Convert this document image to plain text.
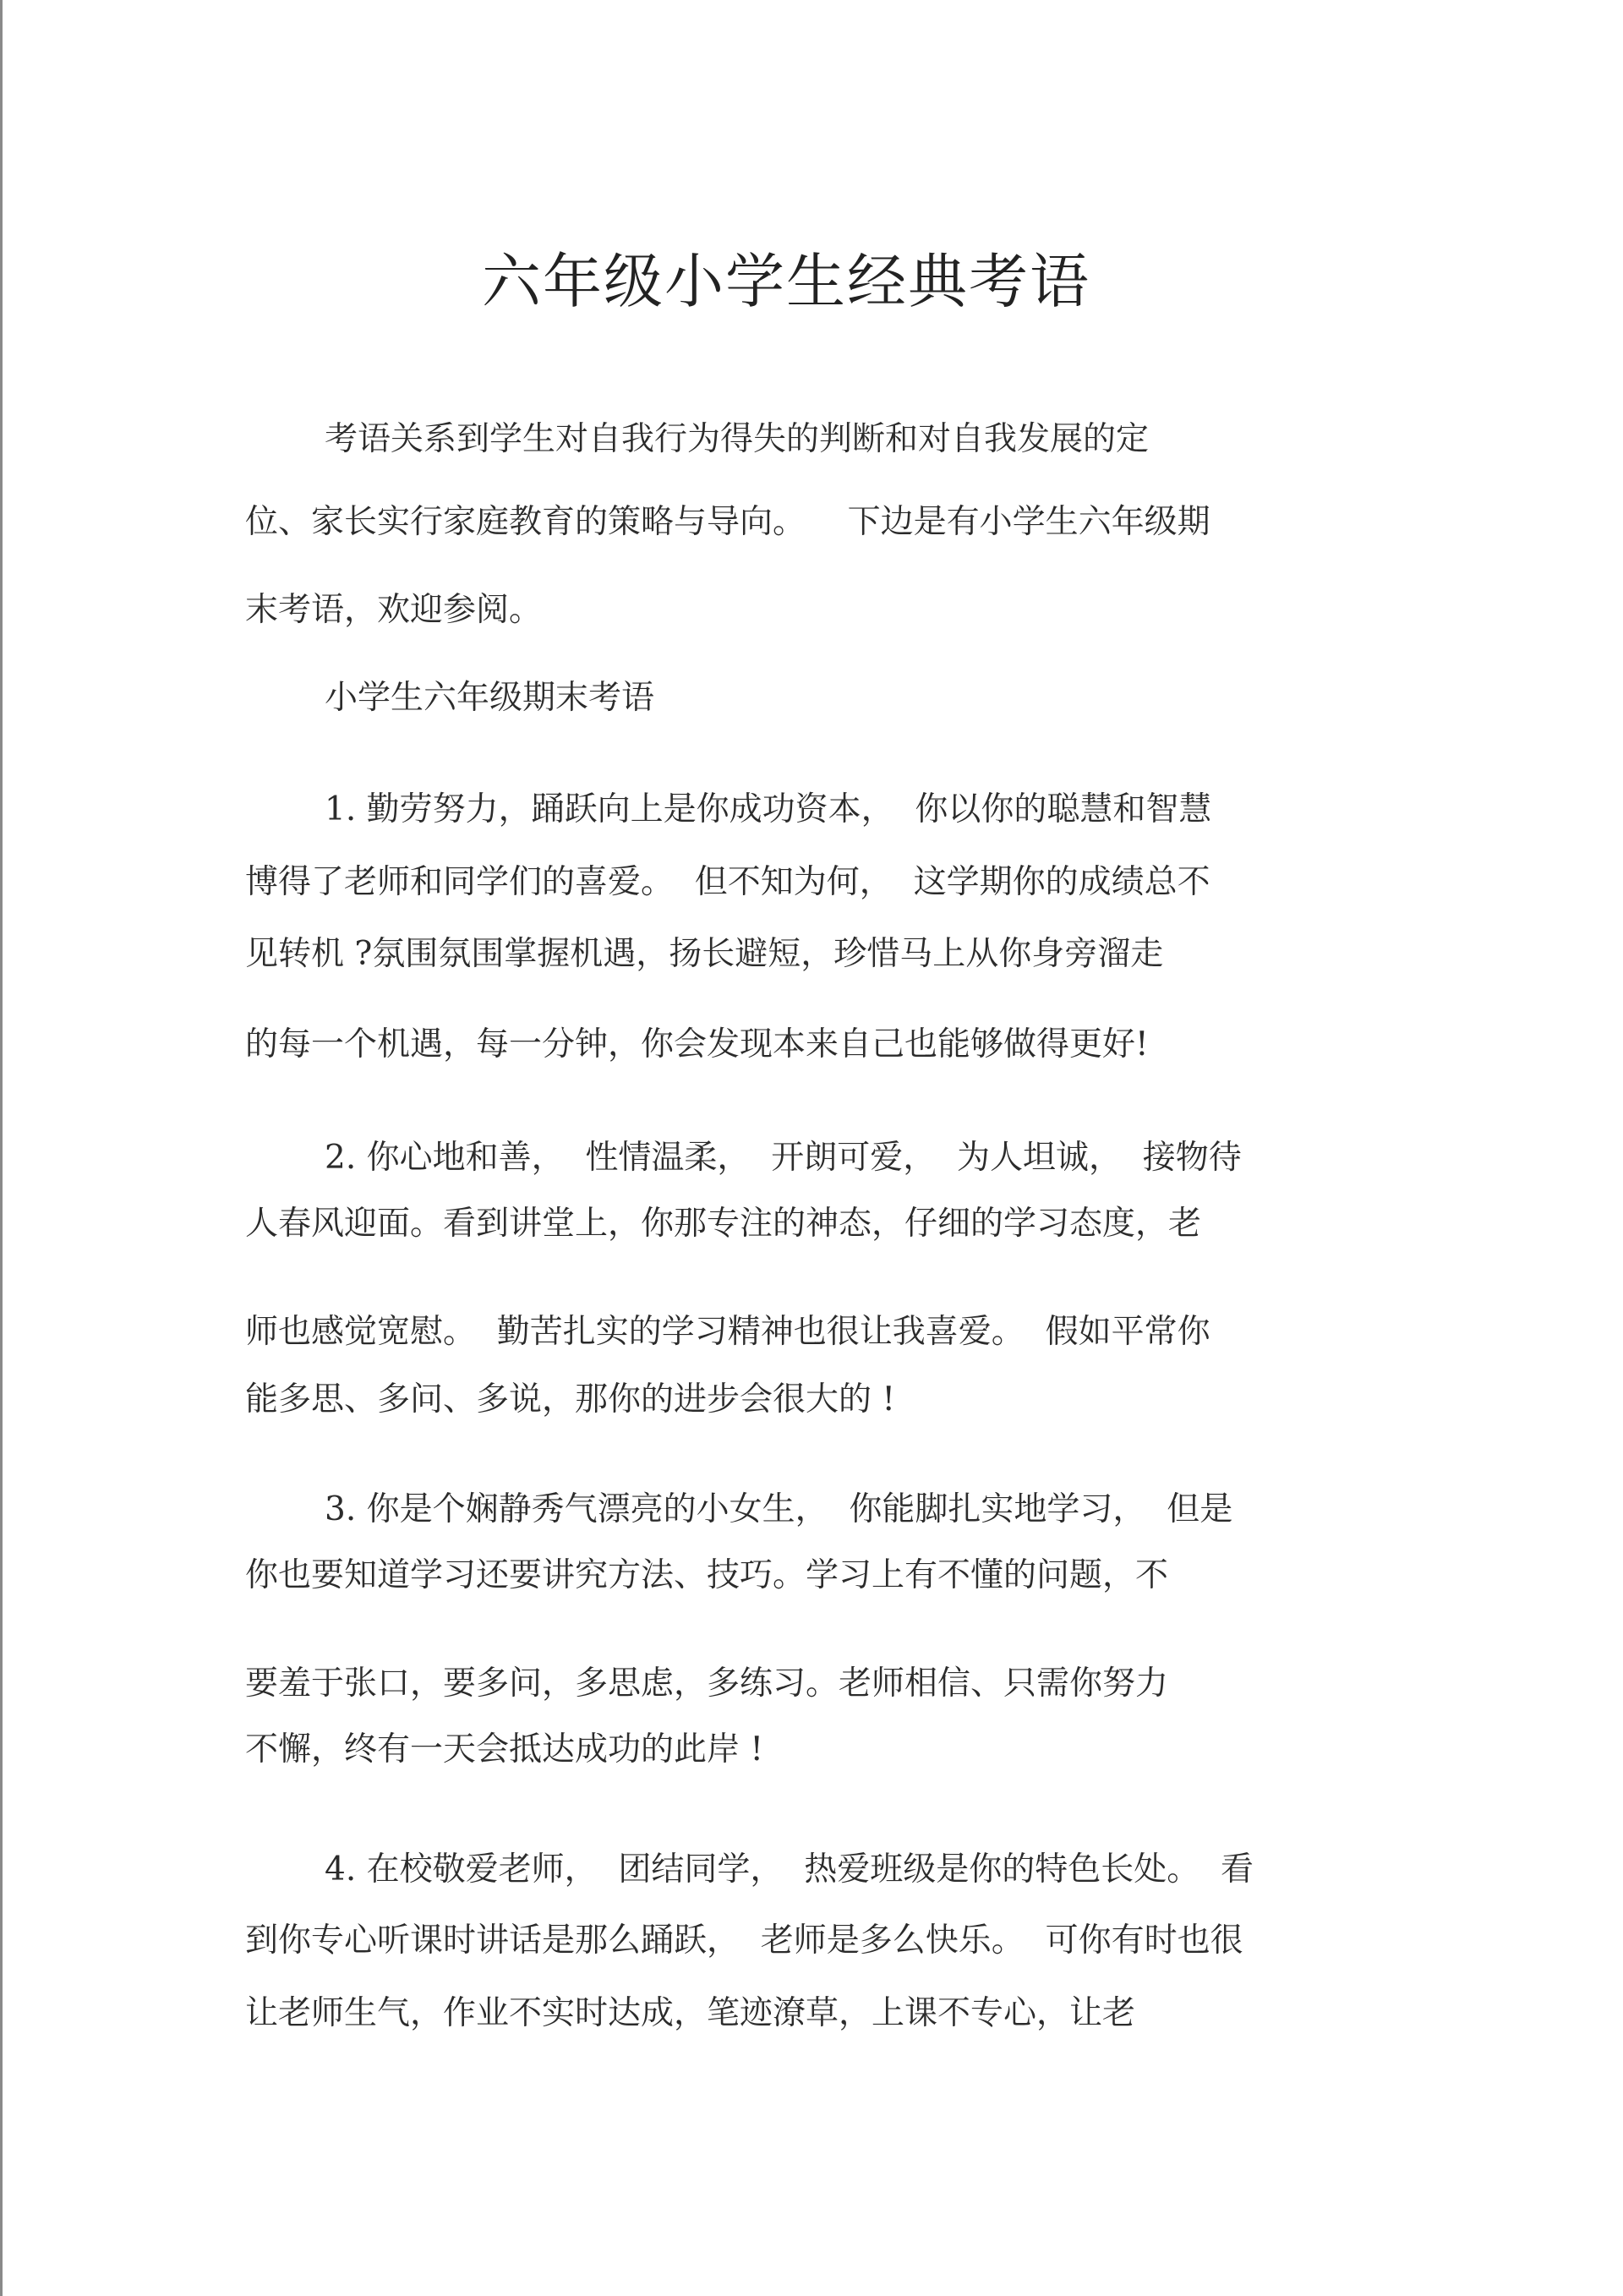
六年级小学生经典考语
考语关系到学生对自我行为得失的判断和对自我发展的定
位、家长实行家庭教育的策略与导向。    下边是有小学生六年级期
末考语，欢迎参阅。
小学生六年级期末考语
1. 勤劳努力，踊跃向上是你成功资本，  你以你的聪慧和智慧
博得了老师和同学们的喜爱。  但不知为何，  这学期你的成绩总不
见转机 ?氛围氛围掌握机遇，扬长避短，珍惜马上从你身旁溜走
的每一个机遇，每一分钟，你会发现本来自己也能够做得更好!
2. 你心地和善，  性情温柔，  开朗可爱，  为人坦诚，  接物待
人春风迎面。看到讲堂上，你那专注的神态，仔细的学习态度，老
师也感觉宽慰。  勤苦扎实的学习精神也很让我喜爱。  假如平常你
能多思、多问、多说，那你的进步会很大的 !
3. 你是个娴静秀气漂亮的小女生，  你能脚扎实地学习，  但是
你也要知道学习还要讲究方法、技巧。学习上有不懂的问题，不
要羞于张口，要多问，多思虑，多练习。老师相信、只需你努力
不懈，终有一天会抵达成功的此岸 !
4. 在校敬爱老师，  团结同学，  热爱班级是你的特色长处。  看
到你专心听课时讲话是那么踊跃，  老师是多么快乐。  可你有时也很
让老师生气，作业不实时达成，笔迹潦草，上课不专心，让老
